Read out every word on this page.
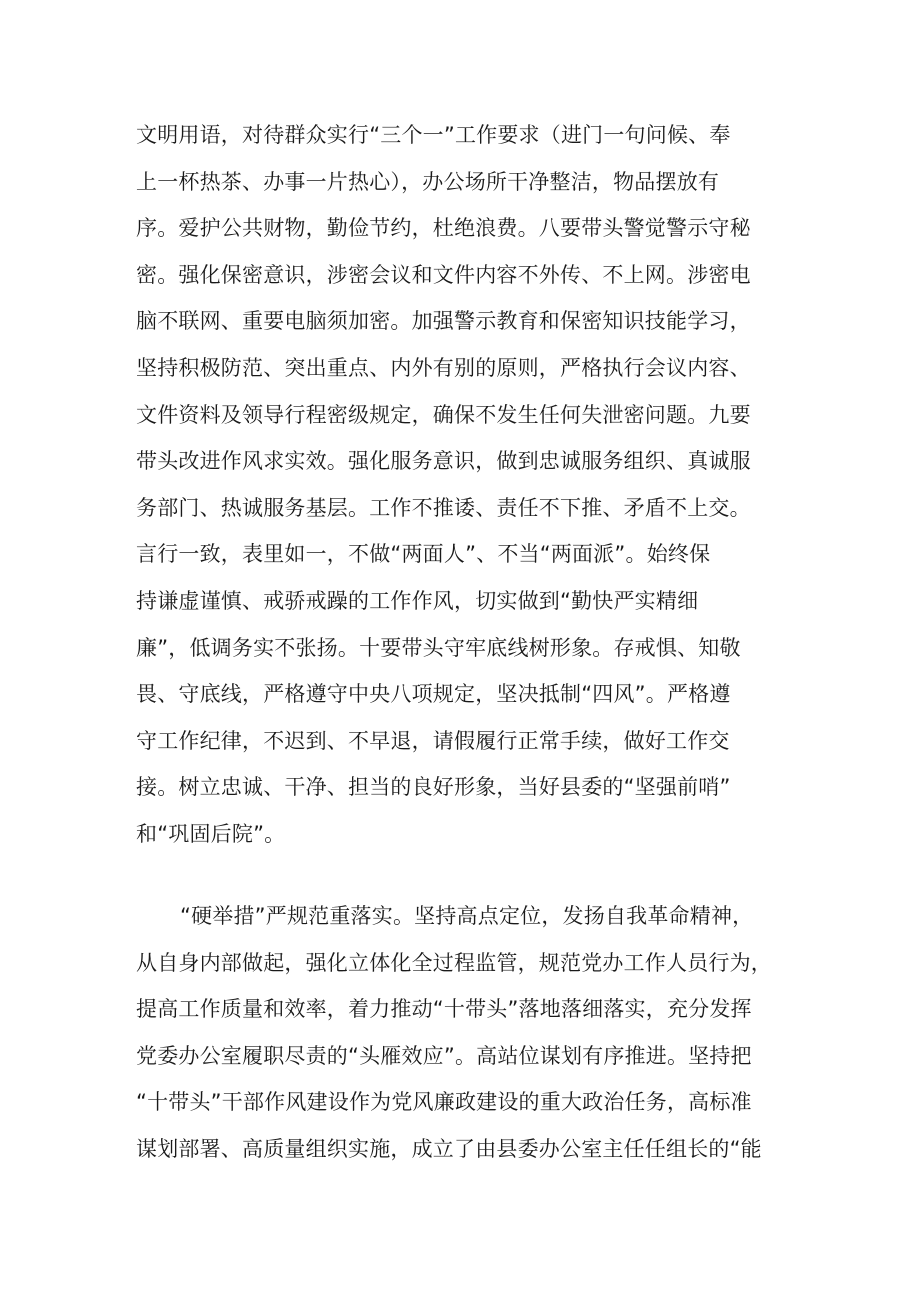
文明用语，对待群众实行“三个一”工作要求（进门一句问候、奉
上一杯热茶、办事一片热心），办公场所干净整洁，物品摆放有
序。爱护公共财物，勤俭节约，杜绝浪费。八要带头警觉警示守秘
密。强化保密意识，涉密会议和文件内容不外传、不上网。涉密电
脑不联网、重要电脑须加密。加强警示教育和保密知识技能学习，
坚持积极防范、突出重点、内外有别的原则，严格执行会议内容、
文件资料及领导行程密级规定，确保不发生任何失泄密问题。九要
带头改进作风求实效。强化服务意识，做到忠诚服务组织、真诚服
务部门、热诚服务基层。工作不推诿、责任不下推、矛盾不上交。
言行一致，表里如一，不做“两面人”、不当“两面派”。始终保
持谦虚谨慎、戒骄戒躁的工作作风，切实做到“勤快严实精细
廉”，低调务实不张扬。十要带头守牢底线树形象。存戒惧、知敬
畏、守底线，严格遵守中央八项规定，坚决抵制“四风”。严格遵
守工作纪律，不迟到、不早退，请假履行正常手续，做好工作交
接。树立忠诚、干净、担当的良好形象，当好县委的“坚强前哨”
和“巩固后院”。
“硬举措”严规范重落实。坚持高点定位，发扬自我革命精神，
从自身内部做起，强化立体化全过程监管，规范党办工作人员行为，
提高工作质量和效率，着力推动“十带头”落地落细落实，充分发挥
党委办公室履职尽责的“头雁效应”。高站位谋划有序推进。坚持把
“十带头”干部作风建设作为党风廉政建设的重大政治任务，高标准
谋划部署、高质量组织实施，成立了由县委办公室主任任组长的“能
